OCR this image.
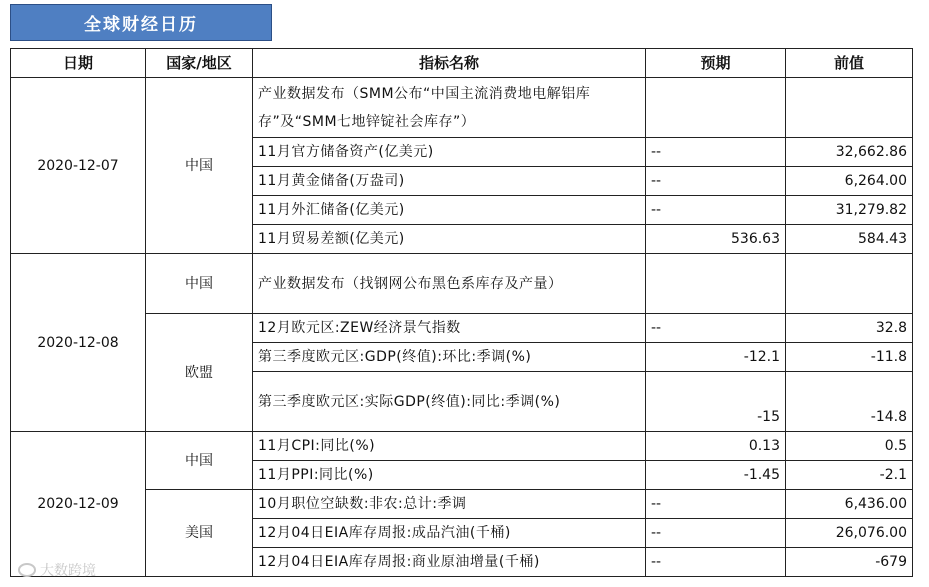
全球财经日历
日期	国家/地区	指标名称	预期	前值
2020-12-07	中国	产业数据发布（SMM公布“中国主流消费地电解铝库存”及“SMM七地锌锭社会库存”）		
		11月官方储备资产(亿美元)	--	32,662.86
		11月黄金储备(万盎司)	--	6,264.00
		11月外汇储备(亿美元)	--	31,279.82
		11月贸易差额(亿美元)	536.63	584.43
2020-12-08	中国	产业数据发布（找钢网公布黑色系库存及产量）		
	欧盟	12月欧元区:ZEW经济景气指数	--	32.8
		第三季度欧元区:GDP(终值):环比:季调(%)	-12.1	-11.8
		第三季度欧元区:实际GDP(终值):同比:季调(%)	-15	-14.8
2020-12-09	中国	11月CPI:同比(%)	0.13	0.5
		11月PPI:同比(%)	-1.45	-2.1
	美国	10月职位空缺数:非农:总计:季调	--	6,436.00
		12月04日EIA库存周报:成品汽油(千桶)	--	26,076.00
		12月04日EIA库存周报:商业原油增量(千桶)	--	-679
大数跨境
